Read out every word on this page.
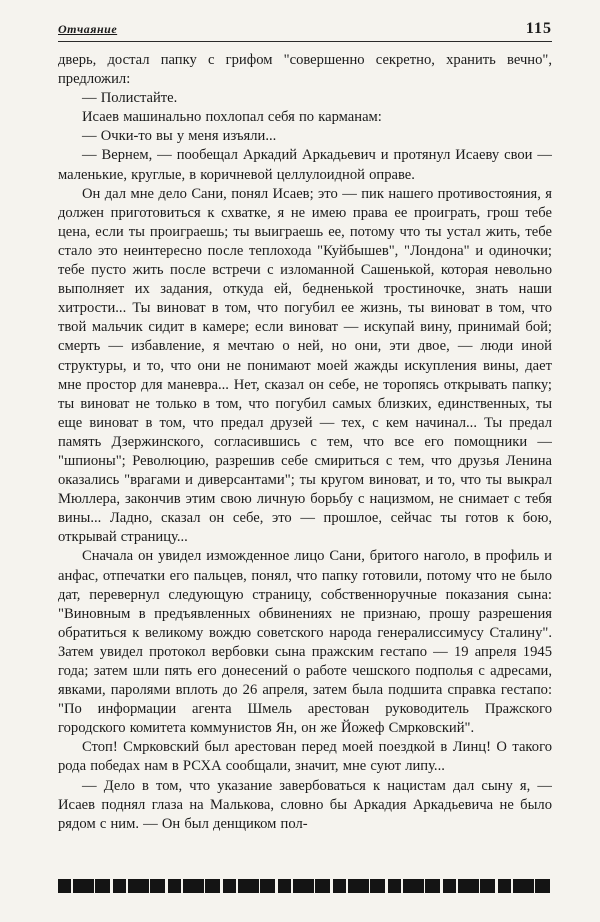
Отчаяние	115

дверь, достал папку с грифом "совершенно секретно, хранить вечно", предложил:

— Полистайте.

Исаев машинально похлопал себя по карманам:

— Очки-то вы у меня изъяли...

— Вернем, — пообещал Аркадий Аркадьевич и протянул Исаеву свои — маленькие, круглые, в коричневой целлулоидной оправе.

Он дал мне дело Сани, понял Исаев; это — пик нашего противостояния, я должен приготовиться к схватке, я не имею права ее проиграть, грош тебе цена, если ты проиграешь; ты выиграешь ее, потому что ты устал жить, тебе стало это неинтересно после теплохода "Куйбышев", "Лондона" и одиночки; тебе пусто жить после встречи с изломанной Сашенькой, которая невольно выполняет их задания, откуда ей, бедненькой тростиночке, знать наши хитрости... Ты виноват в том, что погубил ее жизнь, ты виноват в том, что твой мальчик сидит в камере; если виноват — искупай вину, принимай бой; смерть — избавление, я мечтаю о ней, но они, эти двое, — люди иной структуры, и то, что они не понимают моей жажды искупления вины, дает мне простор для маневра... Нет, сказал он себе, не торопясь открывать папку; ты виноват не только в том, что погубил самых близких, единственных, ты еще виноват в том, что предал друзей — тех, с кем начинал... Ты предал память Дзержинского, согласившись с тем, что все его помощники — "шпионы"; Революцию, разрешив себе смириться с тем, что друзья Ленина оказались "врагами и диверсантами"; ты кругом виноват, и то, что ты выкрал Мюллера, закончив этим свою личную борьбу с нацизмом, не снимает с тебя вины... Ладно, сказал он себе, это — прошлое, сейчас ты готов к бою, открывай страницу...

Сначала он увидел изможденное лицо Сани, бритого наголо, в профиль и анфас, отпечатки его пальцев, понял, что папку готовили, потому что не было дат, перевернул следующую страницу, собственноручные показания сына: "Виновным в предъявленных обвинениях не признаю, прошу разрешения обратиться к великому вождю советского народа генералиссимусу Сталину". Затем увидел протокол вербовки сына пражским гестапо — 19 апреля 1945 года; затем шли пять его донесений о работе чешского подполья с адресами, явками, паролями вплоть до 26 апреля, затем была подшита справка гестапо: "По информации агента Шмель арестован руководитель Пражского городского комитета коммунистов Ян, он же Йожеф Смрковский".

Стоп! Смрковский был арестован перед моей поездкой в Линц! О такого рода победах нам в РСХА сообщали, значит, мне суют липу...

— Дело в том, что указание завербоваться к нацистам дал сыну я, — Исаев поднял глаза на Малькова, словно бы Аркадия Аркадьевича не было рядом с ним. — Он был денщиком пол-
